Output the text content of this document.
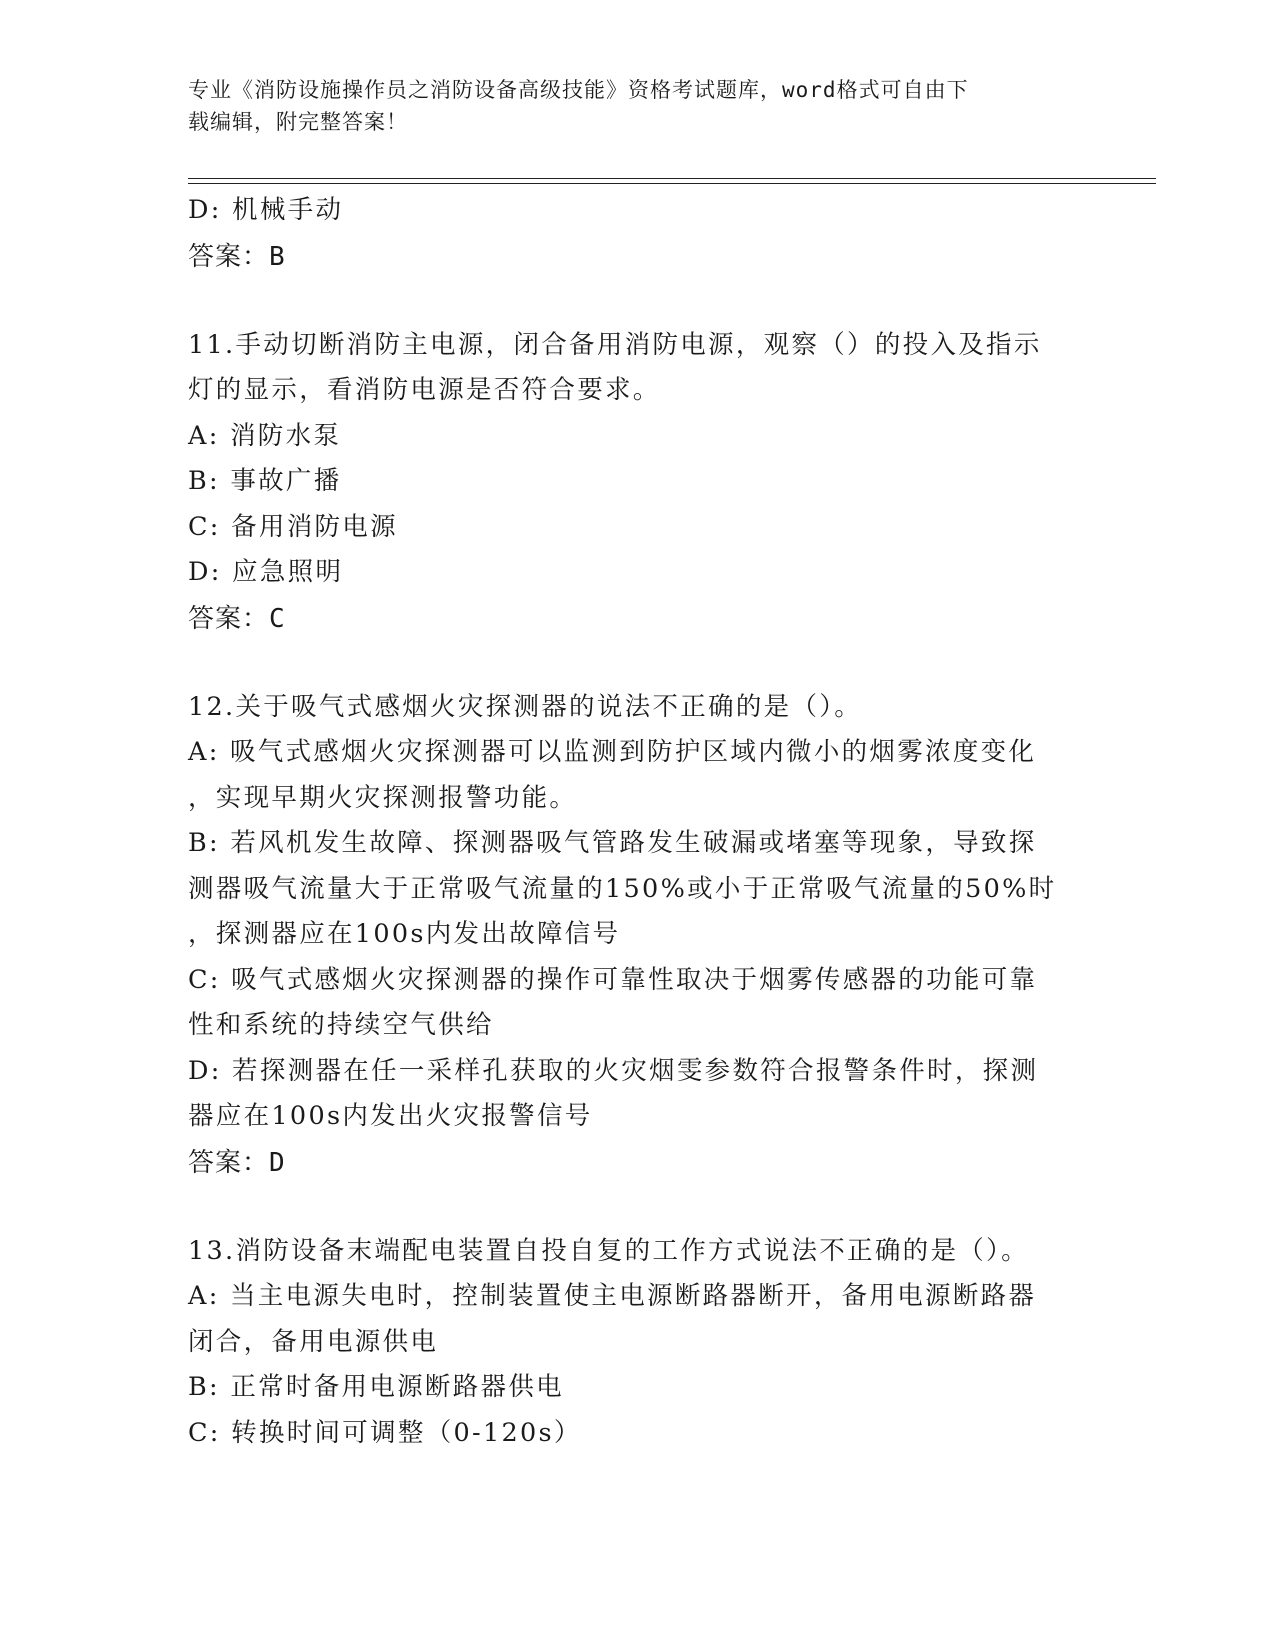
专业《消防设施操作员之消防设备高级技能》资格考试题库，word格式可自由下
载编辑，附完整答案！
D: 机械手动
答案：B
11.手动切断消防主电源，闭合备用消防电源，观察（）的投入及指示
灯的显示，看消防电源是否符合要求。
A: 消防水泵
B: 事故广播
C: 备用消防电源
D: 应急照明
答案：C
12.关于吸气式感烟火灾探测器的说法不正确的是（）。
A: 吸气式感烟火灾探测器可以监测到防护区域内微小的烟雾浓度变化
，实现早期火灾探测报警功能。
B: 若风机发生故障、探测器吸气管路发生破漏或堵塞等现象，导致探
测器吸气流量大于正常吸气流量的150%或小于正常吸气流量的50%时
，探测器应在100s内发出故障信号
C: 吸气式感烟火灾探测器的操作可靠性取决于烟雾传感器的功能可靠
性和系统的持续空气供给
D: 若探测器在任一采样孔获取的火灾烟雯参数符合报警条件时，探测
器应在100s内发出火灾报警信号
答案：D
13.消防设备末端配电装置自投自复的工作方式说法不正确的是（）。
A: 当主电源失电时，控制装置使主电源断路器断开，备用电源断路器
闭合，备用电源供电
B: 正常时备用电源断路器供电
C: 转换时间可调整（0-120s）
